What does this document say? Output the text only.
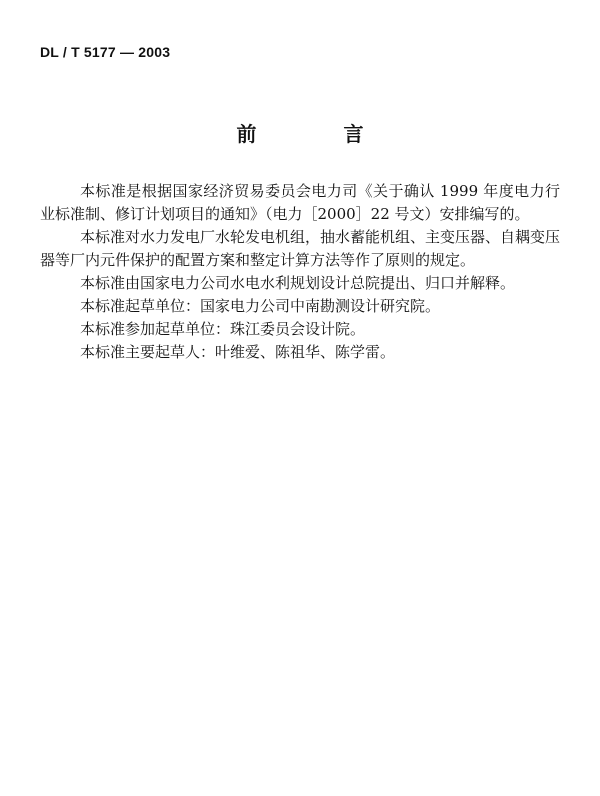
DL / T 5177 — 2003
前 言

本标准是根据国家经济贸易委员会电力司《关于确认 1999 年度电力行业标准制、修订计划项目的通知》（电力［2000］22 号文）安排编写的。

本标准对水力发电厂水轮发电机组，抽水蓄能机组、主变压器、自耦变压器等厂内元件保护的配置方案和整定计算方法等作了原则的规定。

本标准由国家电力公司水电水利规划设计总院提出、归口并解释。

本标准起草单位：国家电力公司中南勘测设计研究院。

本标准参加起草单位：珠江委员会设计院。

本标准主要起草人：叶维爱、陈祖华、陈学雷。
